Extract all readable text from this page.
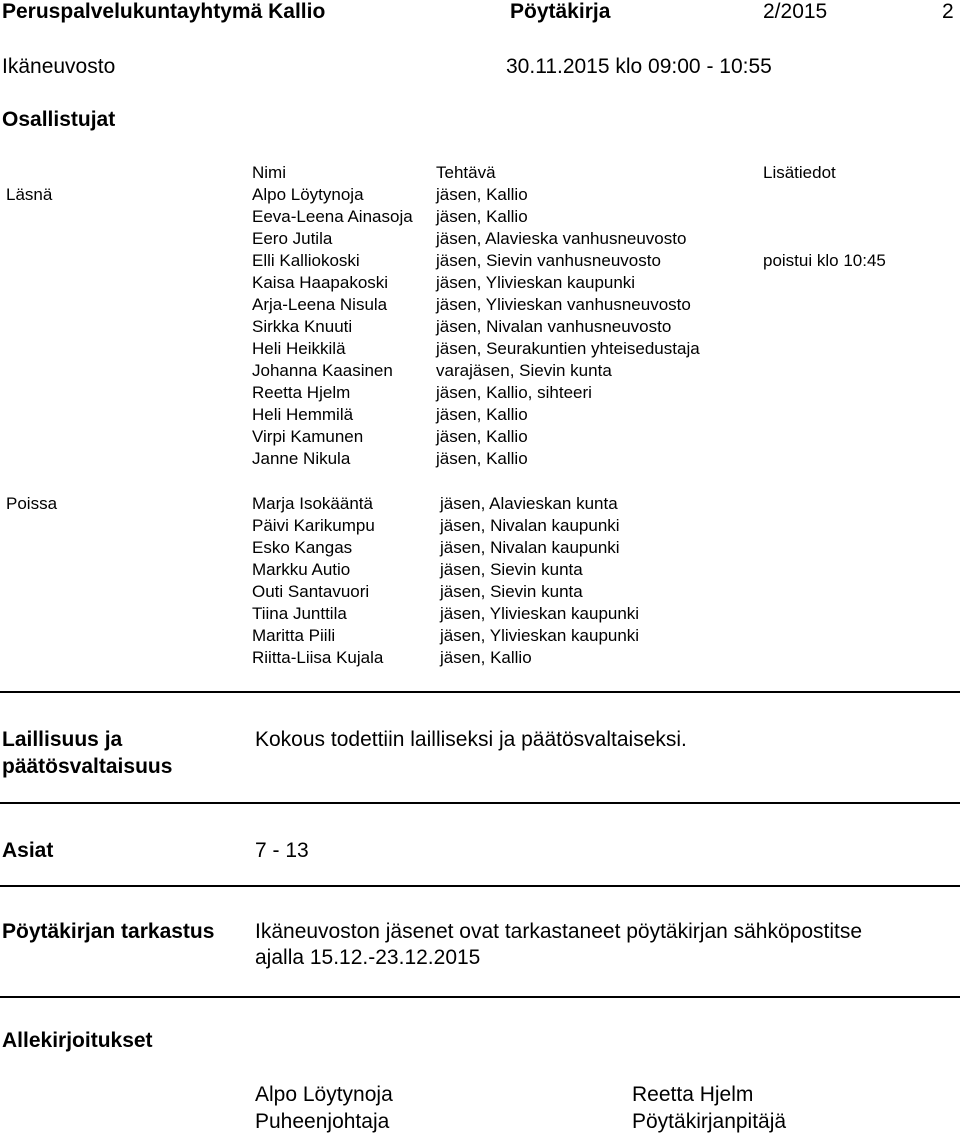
Peruspalvelukuntayhtymä Kallio	Pöytäkirja	2/2015	2
Ikäneuvosto	30.11.2015 klo 09:00 - 10:55
Osallistujat
Nimi	Tehtävä	Lisätiedot
Läsnä	Alpo Löytynoja	jäsen, Kallio
Eeva-Leena Ainasoja jäsen, Kallio
Eero Jutila	jäsen, Alavieska vanhusneuvosto
Elli Kalliokoski	jäsen, Sievin vanhusneuvosto	poistui klo 10:45
Kaisa Haapakoski	jäsen, Ylivieskan kaupunki
Arja-Leena Nisula	jäsen, Ylivieskan vanhusneuvosto
Sirkka Knuuti	jäsen, Nivalan vanhusneuvosto
Heli Heikkilä	jäsen, Seurakuntien yhteisedustaja
Johanna Kaasinen	varajäsen, Sievin kunta
Reetta Hjelm	jäsen, Kallio, sihteeri
Heli Hemmilä	jäsen, Kallio
Virpi Kamunen	jäsen, Kallio
Janne Nikula	jäsen, Kallio
Poissa	Marja Isokääntä	jäsen, Alavieskan kunta
Päivi Karikumpu	jäsen, Nivalan kaupunki
Esko Kangas	jäsen, Nivalan kaupunki
Markku Autio	jäsen, Sievin kunta
Outi Santavuori	jäsen, Sievin kunta
Tiina Junttila	jäsen, Ylivieskan kaupunki
Maritta Piili	jäsen, Ylivieskan kaupunki
Riitta-Liisa Kujala	jäsen, Kallio
Laillisuus ja
päätösvaltaisuus
Kokous todettiin lailliseksi ja päätösvaltaiseksi.
Asiat	7 - 13
Pöytäkirjan tarkastus Ikäneuvoston jäsenet ovat tarkastaneet pöytäkirjan sähköpostitse
ajalla 15.12.-23.12.2015
Allekirjoitukset
Alpo Löytynoja
Puheenjohtaja
Reetta Hjelm
Pöytäkirjanpitäjä
